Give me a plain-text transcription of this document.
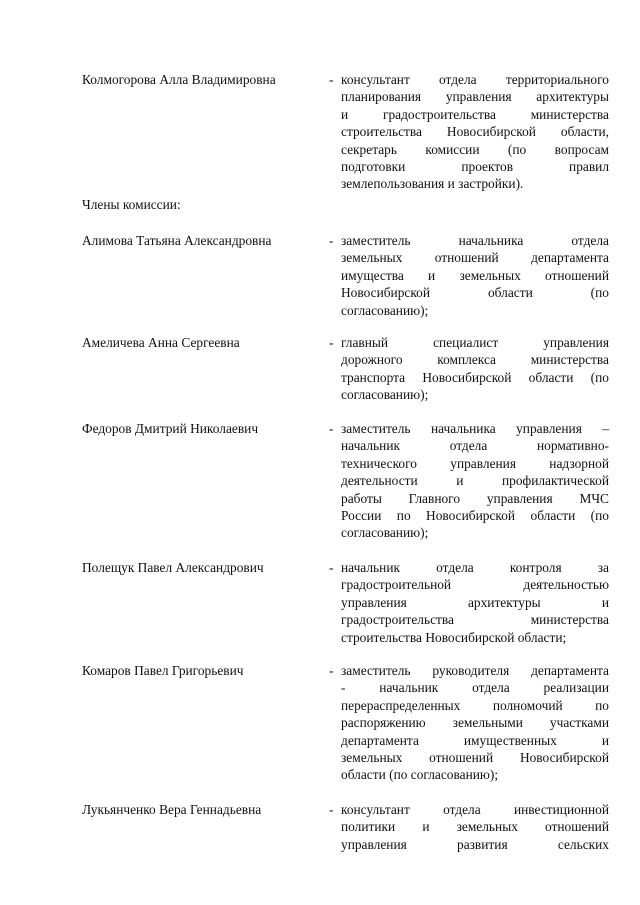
Колмогорова Алла Владимировна	- консультант отдела территориального
планирования управления архитектуры
и градостроительства министерства
строительства Новосибирской области,
секретарь комиссии (по вопросам
подготовки проектов правил
землепользования и застройки).
Члены комиссии:
Алимова Татьяна Александровна	- заместитель начальника отдела
земельных отношений департамента
имущества и земельных отношений
Новосибирской области (по
согласованию);
Амеличева Анна Сергеевна	- главный специалист управления
дорожного комплекса министерства
транспорта Новосибирской области (по
согласованию);
Федоров Дмитрий Николаевич	- заместитель начальника управления –
начальник отдела нормативно-
технического управления надзорной
деятельности и профилактической
работы Главного управления МЧС
России по Новосибирской области (по
согласованию);
Полещук Павел Александрович	- начальник отдела контроля за
градостроительной деятельностью
управления архитектуры и
градостроительства министерства
строительства Новосибирской области;
Комаров Павел Григорьевич	- заместитель руководителя департамента
- начальник отдела реализации
перераспределенных полномочий по
распоряжению земельными участками
департамента имущественных и
земельных отношений Новосибирской
области (по согласованию);
Лукьянченко Вера Геннадьевна	- консультант отдела инвестиционной
политики и земельных отношений
управления развития сельских
